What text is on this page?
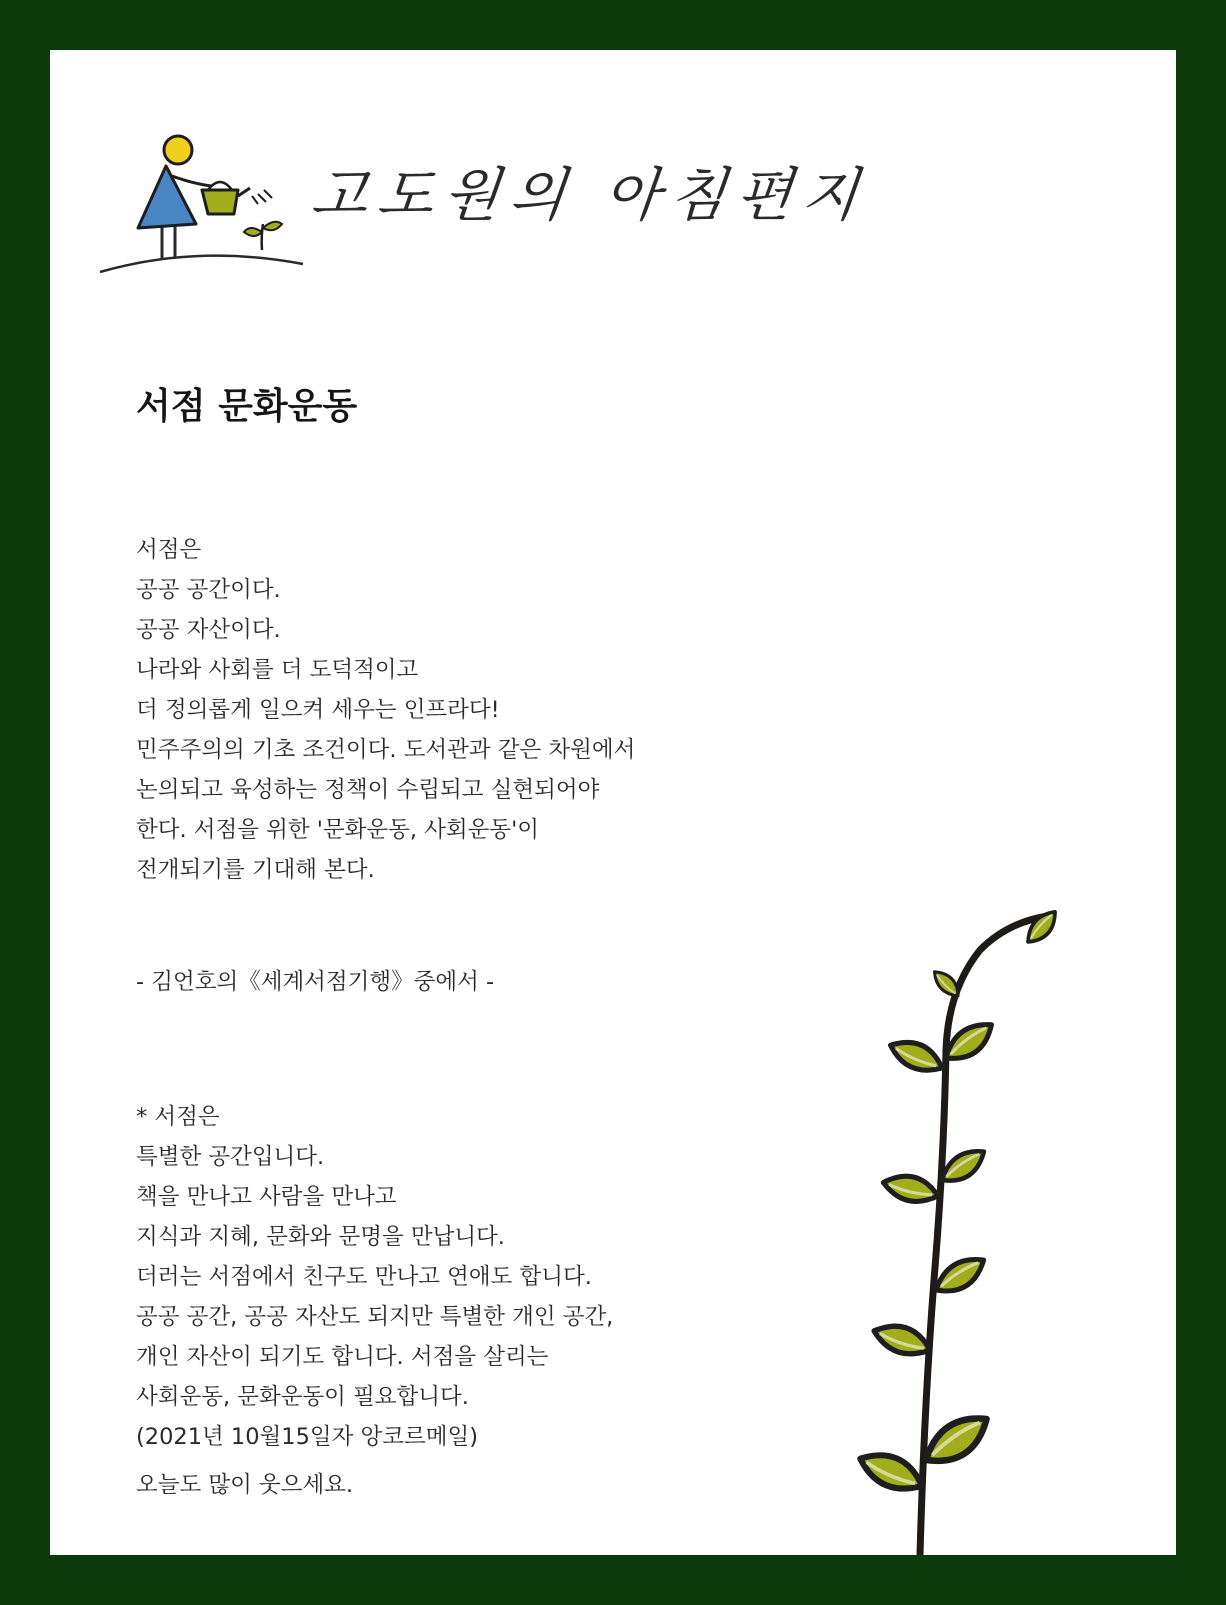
고도원의 아침편지
서점 문화운동
서점은
공공 공간이다.
공공 자산이다.
나라와 사회를 더 도덕적이고
더 정의롭게 일으켜 세우는 인프라다!
민주주의의 기초 조건이다. 도서관과 같은 차원에서
논의되고 육성하는 정책이 수립되고 실현되어야
한다. 서점을 위한 '문화운동, 사회운동'이
전개되기를 기대해 본다.

- 김언호의《세계서점기행》중에서 -

* 서점은
특별한 공간입니다.
책을 만나고 사람을 만나고
지식과 지혜, 문화와 문명을 만납니다.
더러는 서점에서 친구도 만나고 연애도 합니다.
공공 공간, 공공 자산도 되지만 특별한 개인 공간,
개인 자산이 되기도 합니다. 서점을 살리는
사회운동, 문화운동이 필요합니다.
(2021년 10월15일자 앙코르메일)

오늘도 많이 웃으세요.
